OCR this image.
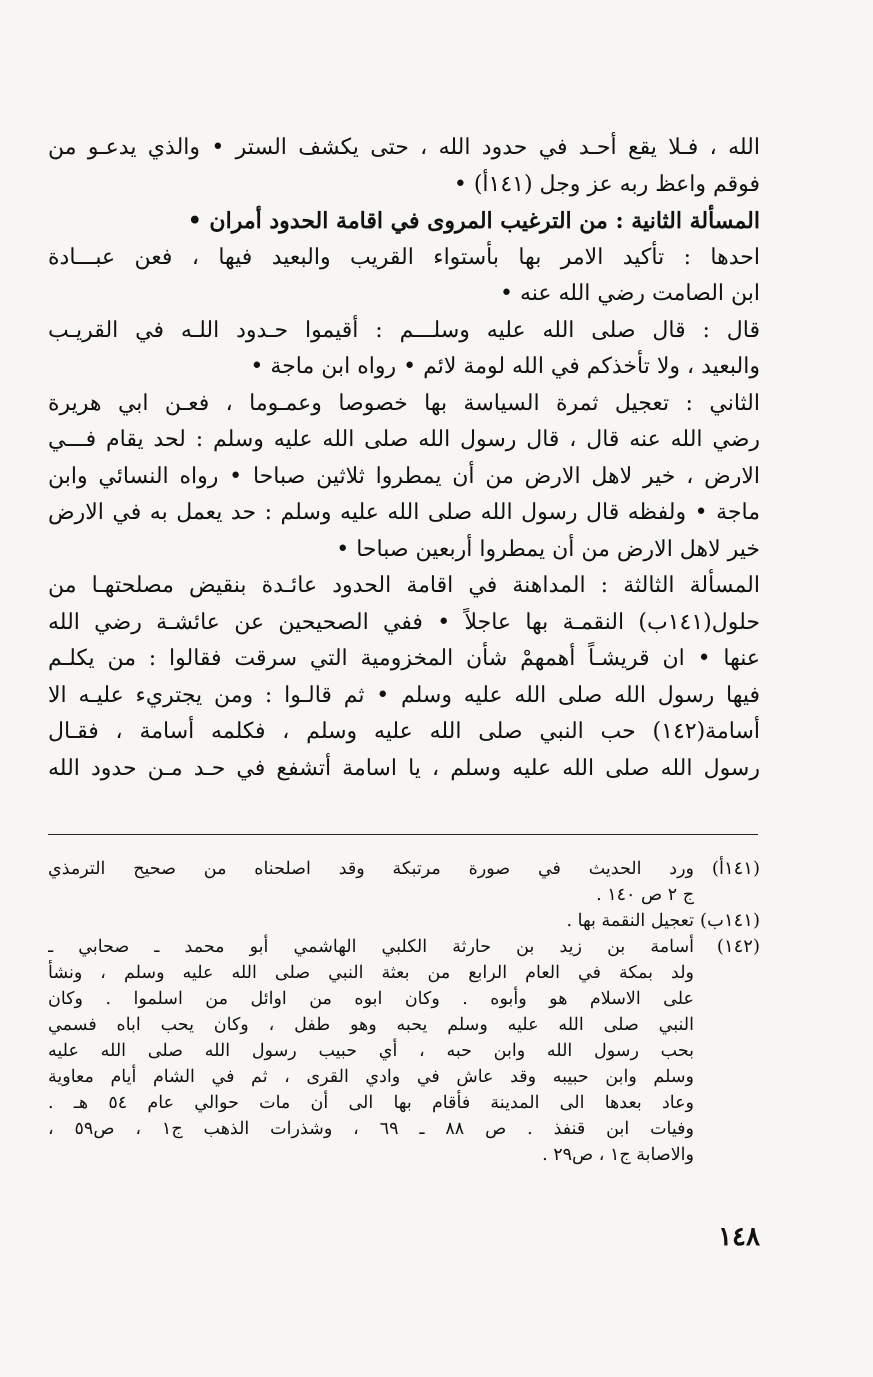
الله ، فـلا يقع أحـد في حدود الله ، حتى يكشف الستر • والذي يدعـو من
فوقم واعظ ربه عز وجل (١٤١أ) •
المسألة الثانية : من الترغيب المروى في اقامة الحدود أمران •
احدها : تأكيد الامر بها بأستواء القريب والبعيد فيها ، فعن عبـــادة
ابن الصامت رضي الله عنه •
قال : قال صلى الله عليه وسلـــم : أقيموا حـدود اللـه في القريـب
والبعيد ، ولا تأخذكم في الله لومة لائم • رواه ابن ماجة •
الثاني : تعجيل ثمرة السياسة بها خصوصا وعمـوما ، فعـن ابي هريرة
رضي الله عنه قال ، قال رسول الله صلى الله عليه وسلم : لحد يقام فـــي
الارض ، خير لاهل الارض من أن يمطروا ثلاثين صباحا • رواه النسائي وابن
ماجة • ولفظه قال رسول الله صلى الله عليه وسلم : حد يعمل به في الارض
خير لاهل الارض من أن يمطروا أربعين صباحا •
المسألة الثالثة : المداهنة في اقامة الحدود عائـدة بنقيض مصلحتهـا من
حلول(١٤١ب) النقمـة بها عاجلاً • ففي الصحيحين عن عائشـة رضي الله
عنها • ان قريشـاً أهمهمْ شأن المخزومية التي سرقت فقالوا : من يكلـم
فيها رسول الله صلى الله عليه وسلم • ثم قالـوا : ومن يجتريء عليـه الا
أسامة(١٤٢) حب النبي صلى الله عليه وسلم ، فكلمه أسامة ، فقـال
رسول الله صلى الله عليه وسلم ، يا اسامة أتشفع في حـد مـن حدود الله
(١٤١أ)
ورد الحديث في صورة مرتبكة وقد اصلحناه من صحيح الترمذي
ج ٢ ص ١٤٠ .
(١٤١ب)
تعجيل النقمة بها .
(١٤٢)
أسامة بن زيد بن حارثة الكلبي الهاشمي أبو محمد ـ صحابي ـ
ولد بمكة في العام الرابع من بعثة النبي صلى الله عليه وسلم ، ونشأ
على الاسلام هو وأبوه . وكان ابوه من اوائل من اسلموا . وكان
النبي صلى الله عليه وسلم يحبه وهو طفل ، وكان يحب اباه فسمي
بحب رسول الله وابن حبه ، أي حبيب رسول الله صلى الله عليه
وسلم وابن حبيبه وقد عاش في وادي القرى ، ثم في الشام أيام معاوية
وعاد بعدها الى المدينة فأقام بها الى أن مات حوالي عام ٥٤ هـ .
وفيات ابن قنفذ . ص ٨٨ ـ ٦٩ ، وشذرات الذهب ج١ ، ص٥٩ ،
والاصابة ج١ ، ص٢٩ .
١٤٨
